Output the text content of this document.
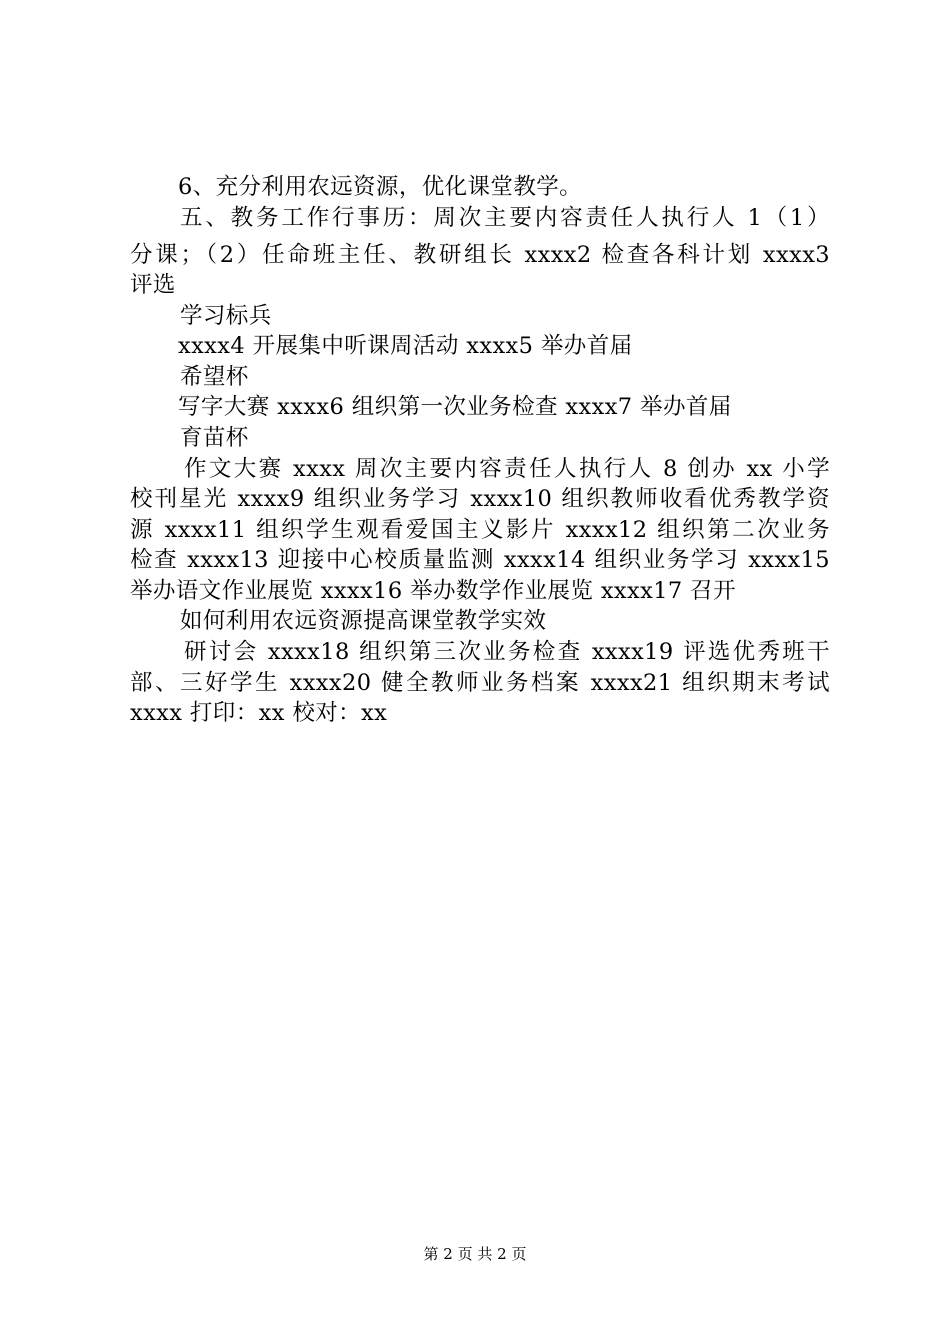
6、充分利用农远资源，优化课堂教学。
五、教务工作行事历：周次主要内容责任人执行人 1（1）
分课；（2）任命班主任、教研组长 xxxx2 检查各科计划 xxxx3
评选
学习标兵
xxxx4 开展集中听课周活动 xxxx5 举办首届
希望杯
写字大赛 xxxx6 组织第一次业务检查 xxxx7 举办首届
育苗杯
作文大赛 xxxx 周次主要内容责任人执行人 8 创办 xx 小学
校刊星光 xxxx9 组织业务学习 xxxx10 组织教师收看优秀教学资
源 xxxx11 组织学生观看爱国主义影片 xxxx12 组织第二次业务
检查 xxxx13 迎接中心校质量监测 xxxx14 组织业务学习 xxxx15
举办语文作业展览 xxxx16 举办数学作业展览 xxxx17 召开
如何利用农远资源提高课堂教学实效
研讨会 xxxx18 组织第三次业务检查 xxxx19 评选优秀班干
部、三好学生 xxxx20 健全教师业务档案 xxxx21 组织期末考试
xxxx 打印：xx 校对：xx
第 2 页 共 2 页
